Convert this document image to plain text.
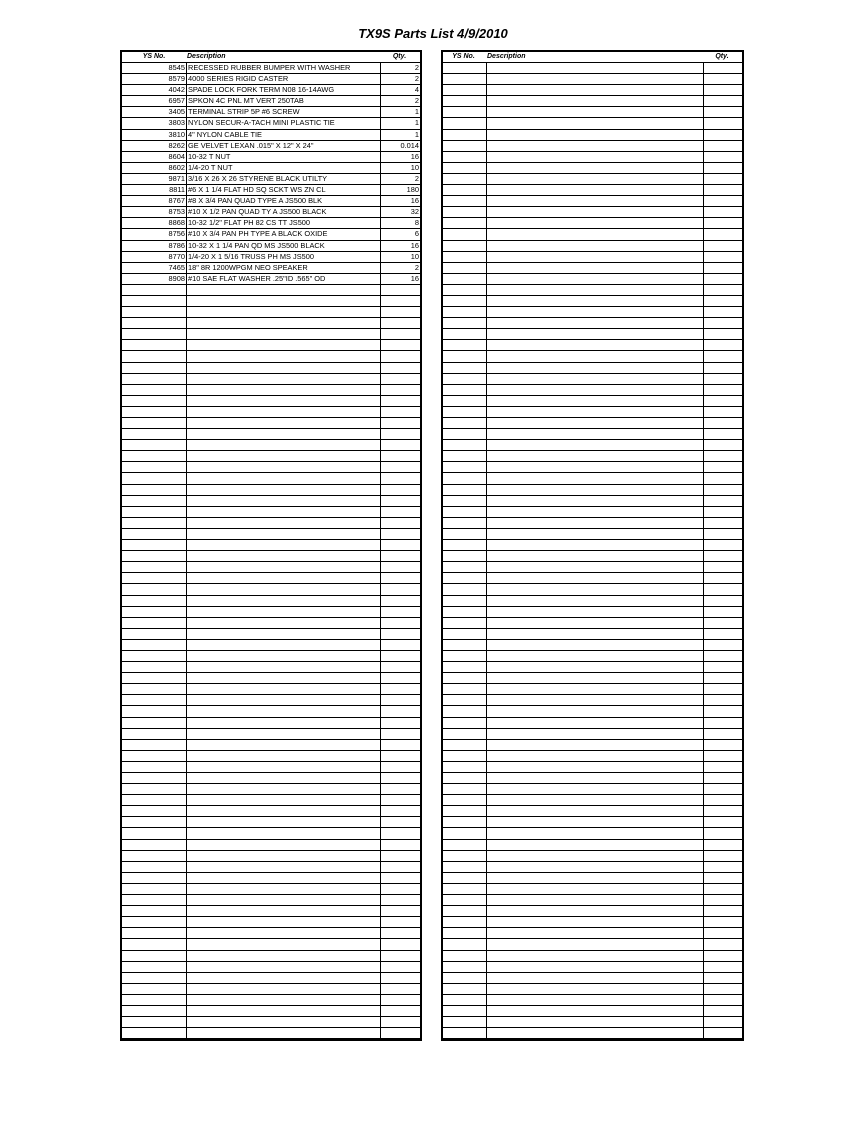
TX9S Parts List 4/9/2010
YS No.	Description	Qty.
8545 RECESSED RUBBER BUMPER WITH WASHER	2
8579 4000 SERIES RIGID CASTER	2
4042 SPADE LOCK FORK TERM N08 16-14AWG	4
6957 SPKON 4C PNL MT VERT 250TAB	2
3405 TERMINAL STRIP 5P #6 SCREW	1
3803 NYLON SECUR-A-TACH MINI PLASTIC TIE	1
3810 4" NYLON CABLE TIE	1
8262 GE VELVET LEXAN .015" X 12" X 24"	0.014
8604 10-32 T NUT	16
8602 1/4-20 T NUT	10
9871 3/16 X 26 X 26 STYRENE BLACK UTILTY	2
8811 #6 X 1 1/4 FLAT HD SQ SCKT WS ZN CL	180
8767 #8 X 3/4 PAN QUAD TYPE A JS500 BLK	16
8753 #10 X 1/2 PAN QUAD TY A JS500 BLACK	32
8868 10-32 1/2" FLAT PH 82 CS TT JS500	8
8756 #10 X 3/4 PAN PH TYPE A BLACK OXIDE	6
8786 10-32 X 1 1/4 PAN QD MS JS500 BLACK	16
8770 1/4-20 X 1 5/16 TRUSS PH MS JS500	10
7465 18" 8R 1200WPGM NEO SPEAKER	2
8908 #10 SAE FLAT WASHER .25"ID .565" OD	16
YS No.	Description	Qty.
